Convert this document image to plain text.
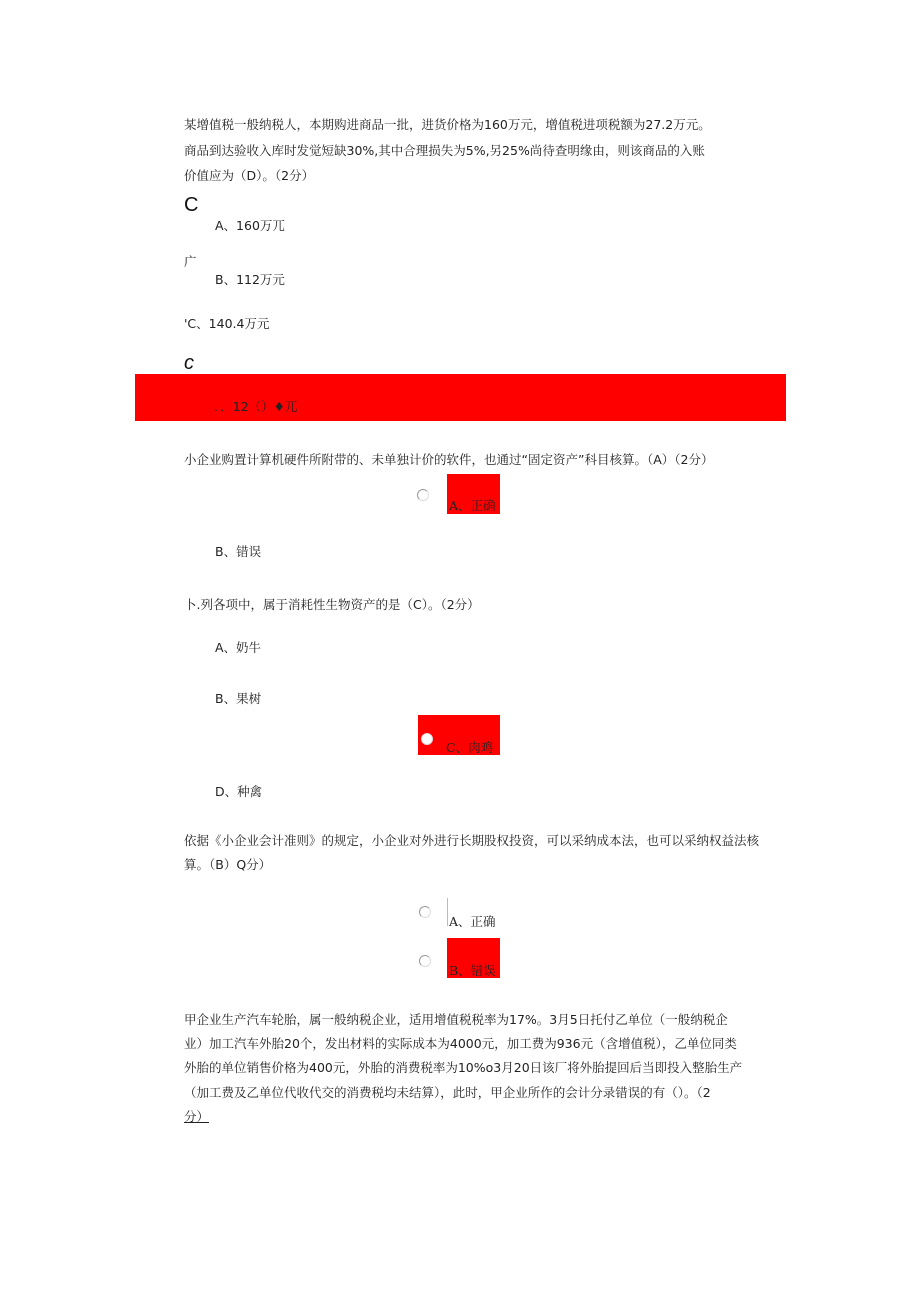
某增值税一般纳税人，本期购进商品一批，进货价格为160万元，增值税进项税额为27.2万元。
商品到达验收入库时发觉短缺30%,其中合理损失为5%,另25%尚待查明缘由，则该商品的入账
价值应为（D）。（2分）
C
A、160万兀
广
B、112万元
'C、140.4万元
c
．．12（）♦兀
小企业购置计算机硬件所附带的、未单独计价的软件，也通过“固定资产”科目核算。（A）（2分）
A、正确
B、错误
卜.列各项中，属于消耗性生物资产的是（C）。（2分）
A、奶牛
B、果树
C、肉鸡
D、种禽
依据《小企业会计准则》的规定，小企业对外进行长期股权投资，可以采纳成本法，也可以采纳权益法核
算。（B）Q分）
A、正确
B、错误
甲企业生产汽车轮胎，属一般纳税企业，适用增值税税率为17%。3月5日托付乙单位（一般纳税企
业）加工汽车外胎20个，发出材料的实际成本为4000元，加工费为936元（含增值税），乙单位同类
外胎的单位销售价格为400元，外胎的消费税率为10%o3月20日该厂将外胎提回后当即投入整胎生产
（加工费及乙单位代收代交的消费税均未结算），此时，甲企业所作的会计分录错误的有（）。（2
分）
